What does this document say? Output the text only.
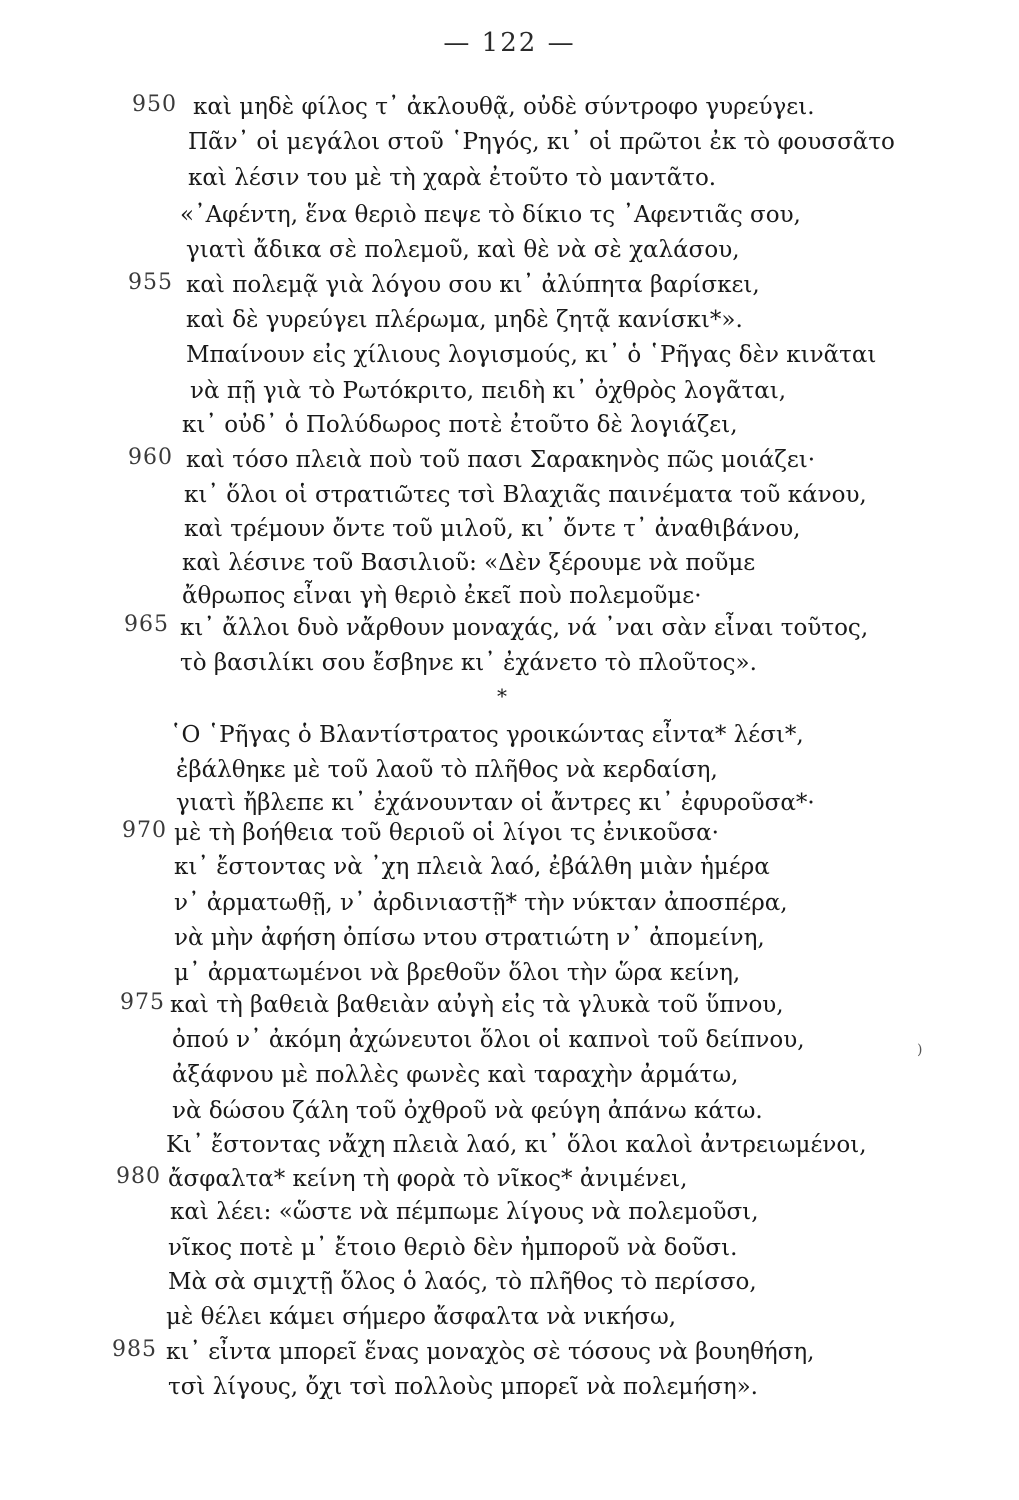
— 122 —
950
955
960
965
970
975
980
985
καὶ μηδὲ φίλος τ᾿ ἀκλουθᾷ, οὐδὲ σύντροφο γυρεύγει.
Πᾶν᾿ οἱ μεγάλοι στοῦ ῾Ρηγός, κι᾿ οἱ πρῶτοι ἐκ τὸ φουσσᾶτο
καὶ λέσιν του μὲ τὴ χαρὰ ἐτοῦτο τὸ μαντᾶτο.
«᾿Αφέντη, ἕνα θεριὸ πεψε τὸ δίκιο τς ᾿Αφεντιᾶς σου,
γιατὶ ἄδικα σὲ πολεμοῦ, καὶ θὲ νὰ σὲ χαλάσου,
καὶ πολεμᾷ γιὰ λόγου σου κι᾿ ἀλύπητα βαρίσκει,
καὶ δὲ γυρεύγει πλέρωμα, μηδὲ ζητᾷ κανίσκι*».
Μπαίνουν εἰς χίλιους λογισμούς, κι᾿ ὁ ῾Ρῆγας δὲν κινᾶται
νὰ πῇ γιὰ τὸ Ρωτόκριτο, πειδὴ κι᾿ ὀχθρὸς λογᾶται,
κι᾿ οὐδ᾿ ὁ Πολύδωρος ποτὲ ἐτοῦτο δὲ λογιάζει,
καὶ τόσο πλειὰ ποὺ τοῦ πασι Σαρακηνὸς πῶς μοιάζει·
κι᾿ ὅλοι οἱ στρατιῶτες τσὶ Βλαχιᾶς παινέματα τοῦ κάνου,
καὶ τρέμουν ὄντε τοῦ μιλοῦ, κι᾿ ὄντε τ᾿ ἀναθιβάνου,
καὶ λέσινε τοῦ Βασιλιοῦ: «Δὲν ξέρουμε νὰ ποῦμε
ἄθρωπος εἶναι γὴ θεριὸ ἐκεῖ ποὺ πολεμοῦμε·
κι᾿ ἄλλοι δυὸ νἄρθουν μοναχάς, νά ᾿ναι σὰν εἶναι τοῦτος,
τὸ βασιλίκι σου ἔσβηνε κι᾿ ἐχάνετο τὸ πλοῦτος».
*
῾Ο ῾Ρῆγας ὁ Βλαντίστρατος γροικώντας εἶντα* λέσι*,
ἐβάλθηκε μὲ τοῦ λαοῦ τὸ πλῆθος νὰ κερδαίση,
γιατὶ ἤβλεπε κι᾿ ἐχάνουνταν οἱ ἄντρες κι᾿ ἐφυροῦσα*·
μὲ τὴ βοήθεια τοῦ θεριοῦ οἱ λίγοι τς ἐνικοῦσα·
κι᾿ ἔστοντας νὰ ᾿χη πλειὰ λαό, ἐβάλθη μιὰν ἡμέρα
ν᾿ ἀρματωθῇ, ν᾿ ἀρδινιαστῇ* τὴν νύκταν ἀποσπέρα,
νὰ μὴν ἀφήση ὀπίσω ντου στρατιώτη ν᾿ ἀπομείνη,
μ᾿ ἀρματωμένοι νὰ βρεθοῦν ὅλοι τὴν ὥρα κείνη,
καὶ τὴ βαθειὰ βαθειὰν αὐγὴ εἰς τὰ γλυκὰ τοῦ ὕπνου,
ὀπού ν᾿ ἀκόμη ἀχώνευτοι ὅλοι οἱ καπνοὶ τοῦ δείπνου,
ἀξάφνου μὲ πολλὲς φωνὲς καὶ ταραχὴν ἀρμάτω,
νὰ δώσου ζάλη τοῦ ὀχθροῦ νὰ φεύγη ἀπάνω κάτω.
Κι᾿ ἔστοντας νἄχη πλειὰ λαό, κι᾿ ὅλοι καλοὶ ἀντρειωμένοι,
ἄσφαλτα* κείνη τὴ φορὰ τὸ νῖκος* ἀνιμένει,
καὶ λέει: «ὥστε νὰ πέμπωμε λίγους νὰ πολεμοῦσι,
νῖκος ποτὲ μ᾿ ἔτοιο θεριὸ δὲν ἠμποροῦ νὰ δοῦσι.
Μὰ σὰ σμιχτῇ ὅλος ὁ λαός, τὸ πλῆθος τὸ περίσσο,
μὲ θέλει κάμει σήμερο ἄσφαλτα νὰ νικήσω,
κι᾿ εἶντα μπορεῖ ἕνας μοναχὸς σὲ τόσους νὰ βουηθήση,
τσὶ λίγους, ὄχι τσὶ πολλοὺς μπορεῖ νὰ πολεμήση».
)
